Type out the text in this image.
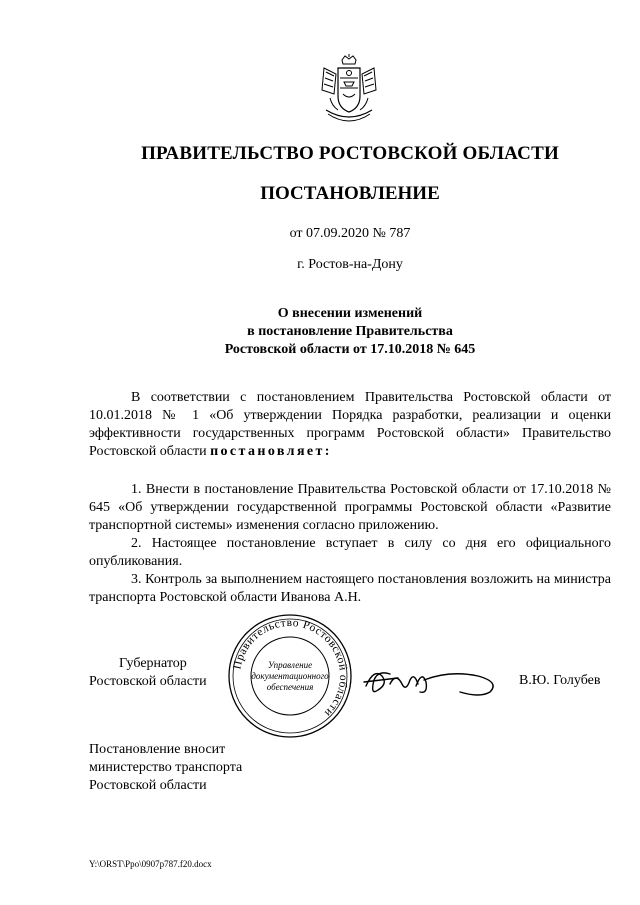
ПРАВИТЕЛЬСТВО РОСТОВСКОЙ ОБЛАСТИ
ПОСТАНОВЛЕНИЕ
от 07.09.2020 № 787
г. Ростов-на-Дону
О внесении изменений
в постановление Правительства
Ростовской области от 17.10.2018 № 645

В соответствии с постановлением Правительства Ростовской области от 10.01.2018 № 1 «Об утверждении Порядка разработки, реализации и оценки эффективности государственных программ Ростовской области» Правительство Ростовской области постановляет:

1. Внести в постановление Правительства Ростовской области от 17.10.2018 № 645 «Об утверждении государственной программы Ростовской области «Развитие транспортной системы» изменения согласно приложению.

2. Настоящее постановление вступает в силу со дня его официального опубликования.

3. Контроль за выполнением настоящего постановления возложить на министра транспорта Ростовской области Иванова А.Н.

Губернатор
Ростовской области
Правительство Ростовской области
Управление
документационного
обеспечения	В.Ю. Голубев
Постановление вносит
министерство транспорта
Ростовской области
Y:\ORST\Ppo\0907p787.f20.docx
